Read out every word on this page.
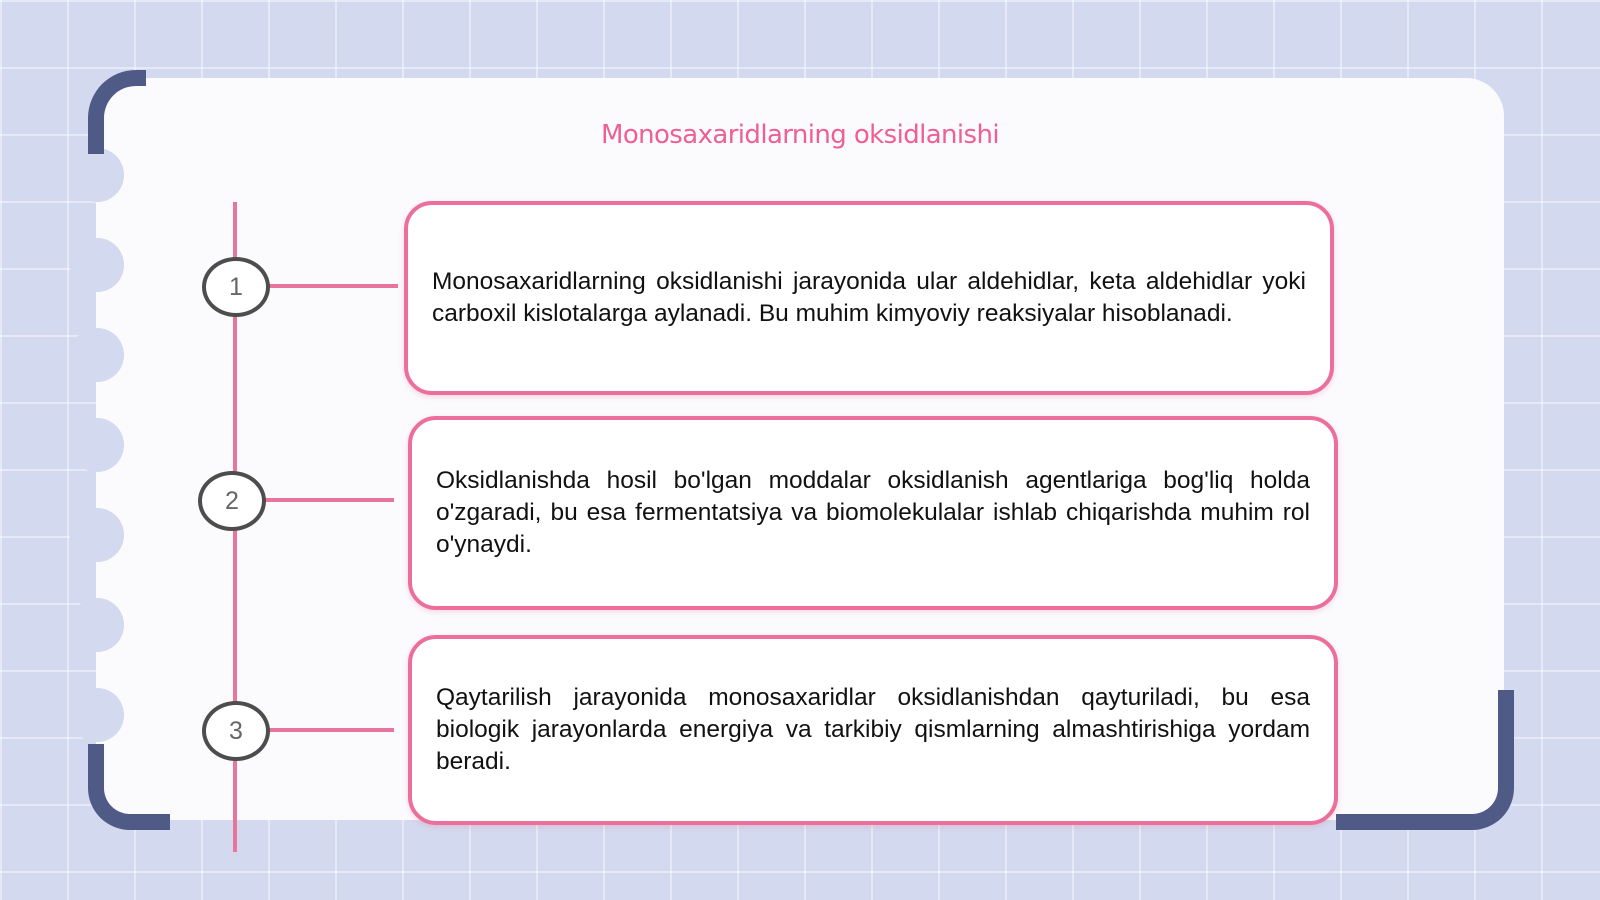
Monosaxaridlarning oksidlanishi
1	Monosaxaridlarning oksidlanishi jarayonida ular aldehidlar, keta aldehidlar yoki carboxil kislotalarga aylanadi. Bu muhim kimyoviy reaksiyalar hisoblanadi.

2

Oksidlanishda hosil bo'lgan moddalar oksidlanish agentlariga bog'liq holda o'zgaradi, bu esa fermentatsiya va biomolekulalar ishlab chiqarishda muhim rol o'ynaydi.

3

Qaytarilish jarayonida monosaxaridlar oksidlanishdan qayturiladi, bu esa biologik jarayonlarda energiya va tarkibiy qismlarning almashtirishiga yordam beradi.
